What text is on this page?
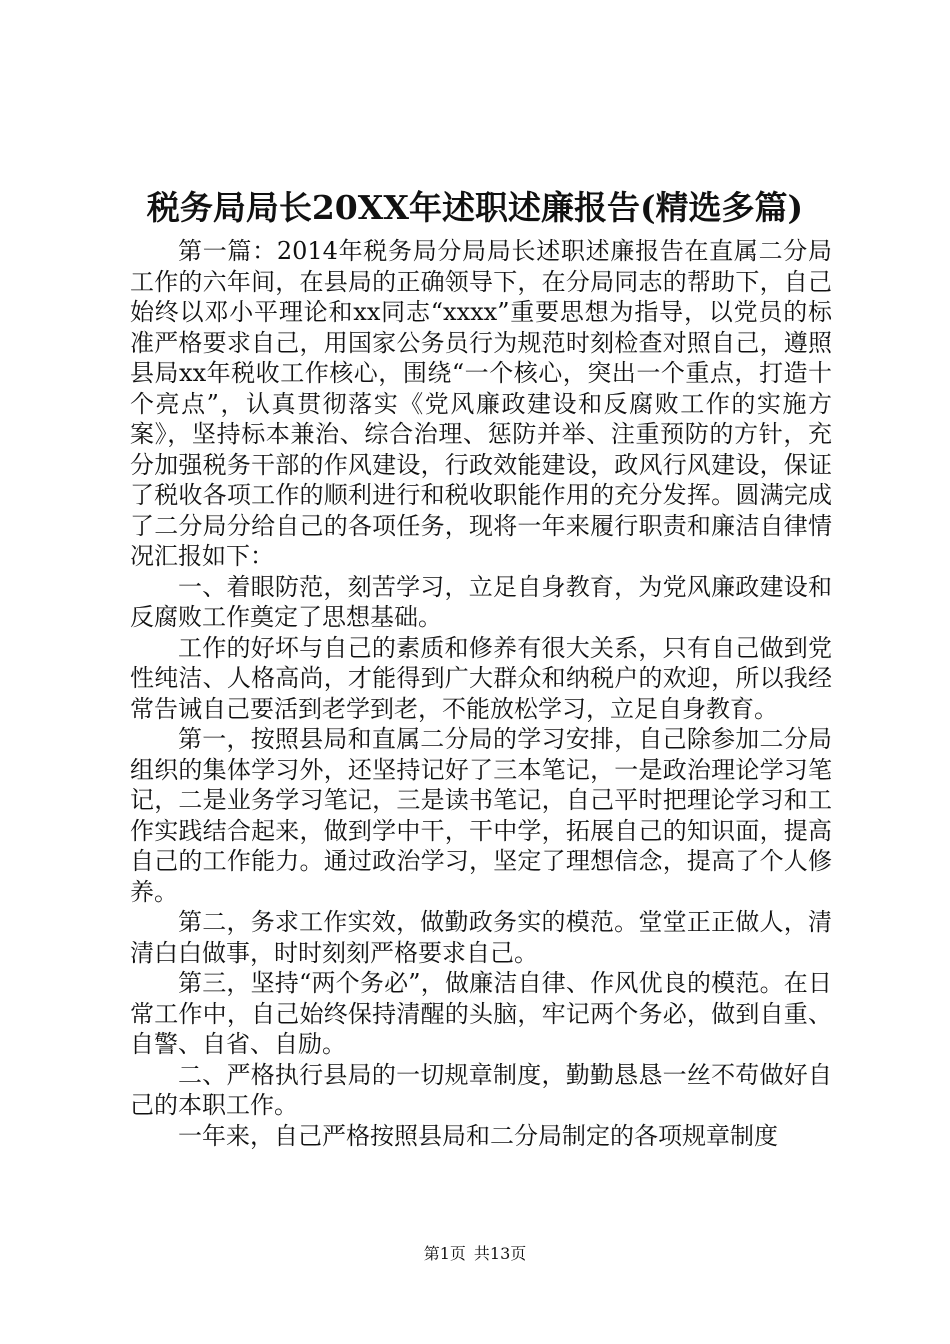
税务局局长20XX年述职述廉报告(精选多篇)

第一篇：2014年税务局分局局长述职述廉报告在直属二分局工作的六年间，在县局的正确领导下，在分局同志的帮助下，自己始终以邓小平理论和xx同志“xxxx”重要思想为指导，以党员的标准严格要求自己，用国家公务员行为规范时刻检查对照自己，遵照县局xx年税收工作核心，围绕“一个核心，突出一个重点，打造十个亮点”，认真贯彻落实《党风廉政建设和反腐败工作的实施方案》，坚持标本兼治、综合治理、惩防并举、注重预防的方针，充分加强税务干部的作风建设，行政效能建设，政风行风建设，保证了税收各项工作的顺利进行和税收职能作用的充分发挥。圆满完成了二分局分给自己的各项任务，现将一年来履行职责和廉洁自律情况汇报如下：

一、着眼防范，刻苦学习，立足自身教育，为党风廉政建设和反腐败工作奠定了思想基础。

工作的好坏与自己的素质和修养有很大关系，只有自己做到党性纯洁、人格高尚，才能得到广大群众和纳税户的欢迎，所以我经常告诫自己要活到老学到老，不能放松学习，立足自身教育。

第一，按照县局和直属二分局的学习安排，自己除参加二分局组织的集体学习外，还坚持记好了三本笔记，一是政治理论学习笔记，二是业务学习笔记，三是读书笔记，自己平时把理论学习和工作实践结合起来，做到学中干，干中学，拓展自己的知识面，提高自己的工作能力。通过政治学习，坚定了理想信念，提高了个人修养。

第二，务求工作实效，做勤政务实的模范。堂堂正正做人，清清白白做事，时时刻刻严格要求自己。

第三，坚持“两个务必”，做廉洁自律、作风优良的模范。在日常工作中，自己始终保持清醒的头脑，牢记两个务必，做到自重、自警、自省、自励。

二、严格执行县局的一切规章制度，勤勤恳恳一丝不苟做好自己的本职工作。

一年来，自己严格按照县局和二分局制定的各项规章制度

第1页 共13页
